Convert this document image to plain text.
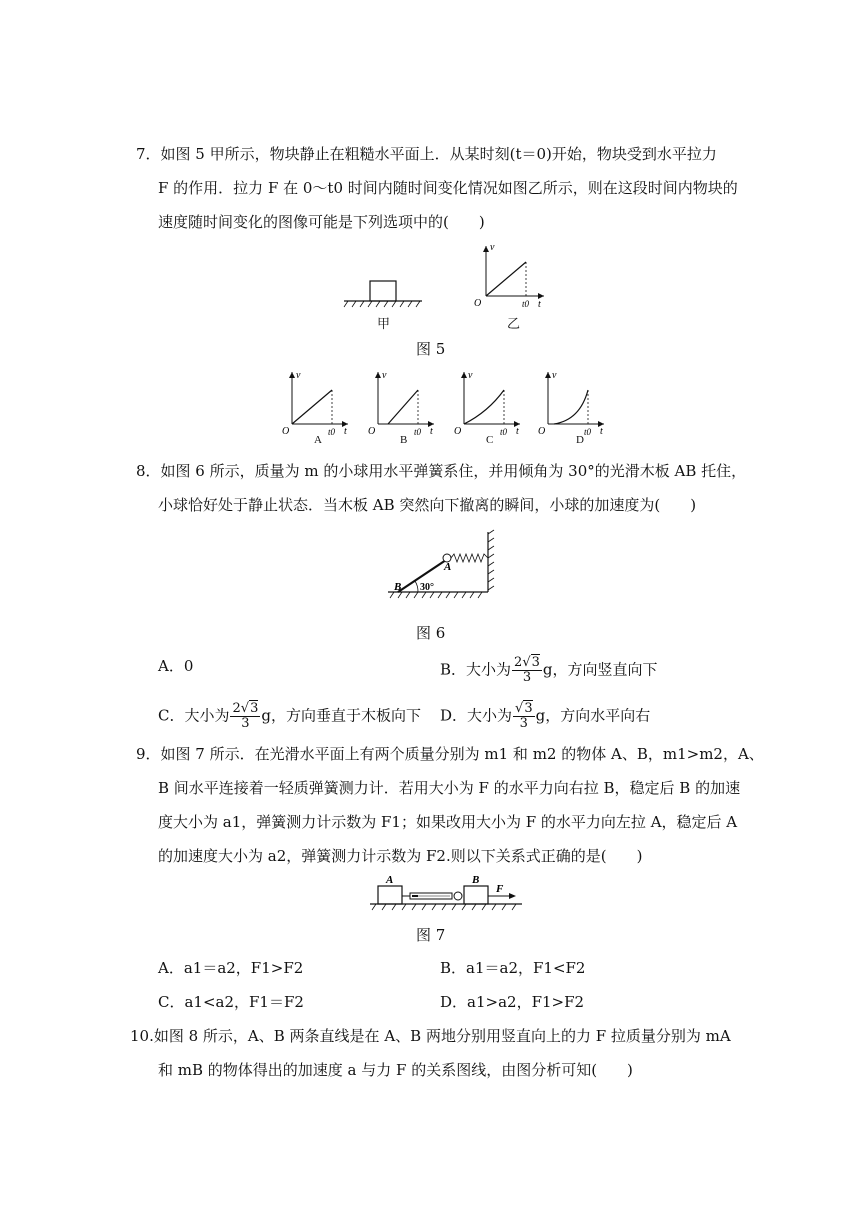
7．如图 5 甲所示，物块静止在粗糙水平面上．从某时刻(t＝0)开始，物块受到水平拉力
F 的作用．拉力 F 在 0～t0 时间内随时间变化情况如图乙所示，则在这段时间内物块的
速度随时间变化的图像可能是下列选项中的(　　)
甲
v
O	t0 t
乙
图 5
v
O	t0 t
v
O	t0 t
v
O	t0 t
v
O	t0 t
A	B	C	D
8．如图 6 所示，质量为 m 的小球用水平弹簧系住，并用倾角为 30°的光滑木板 AB 托住，
小球恰好处于静止状态．当木板 AB 突然向下撤离的瞬间，小球的加速度为(　　)
B
A
30°
图 6
A．0	B．大小为 $\frac{2√3}{3}$ g，方向竖直向下
C．大小为 $\frac{2√3}{3}$ g，方向垂直于木板向下 D．大小为 $\frac{√3}{3}$ g，方向水平向右
9．如图 7 所示．在光滑水平面上有两个质量分别为 m1 和 m2 的物体 A、B，m1>m2，A、
B 间水平连接着一轻质弹簧测力计．若用大小为 F 的水平力向右拉 B，稳定后 B 的加速
度大小为 a1，弹簧测力计示数为 F1；如果改用大小为 F 的水平力向左拉 A，稳定后 A
的加速度大小为 a2，弹簧测力计示数为 F2.则以下关系式正确的是(　　)
A	B
F
图 7
A．a1＝a2，F1>F2	B．a1＝a2，F1<F2
C．a1<a2，F1＝F2	D．a1>a2，F1>F2
10.如图 8 所示，A、B 两条直线是在 A、B 两地分别用竖直向上的力 F 拉质量分别为 mA
和 mB 的物体得出的加速度 a 与力 F 的关系图线，由图分析可知(　　)
